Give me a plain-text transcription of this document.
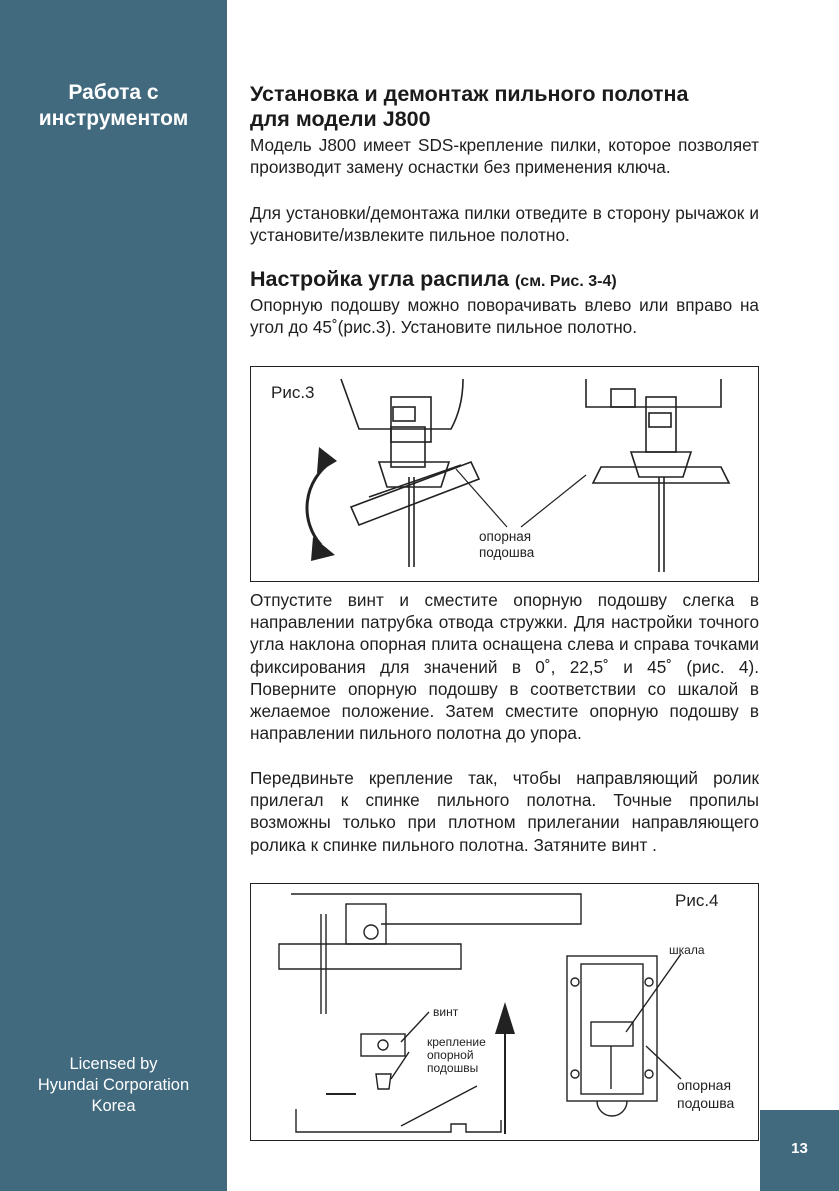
Работа с
инструментом
Licensed by
Hyundai Corporation
Korea
13
Установка и демонтаж пильного полотна
для модели J800
Модель J800 имеет SDS-крепление пилки, которое позволяет производит замену оснастки без применения ключа.
Для установки/демонтажа пилки отведите в сторону рычажок и установите/извлеките пильное полотно.
Настройка угла распила (см. Рис. 3-4)
Опорную подошву можно поворачивать влево или вправо на угол до 45˚(рис.3). Установите пильное полотно.
Рис.3
опорная
подошва
Отпустите винт и сместите опорную подошву слегка в направлении патрубка отвода стружки. Для настройки точного угла наклона опорная плита оснащена слева и справа точками фиксирования для значений в 0˚, 22,5˚ и 45˚ (рис. 4). Поверните опорную подошву в соответствии со шкалой в желаемое положение. Затем сместите опорную подошву в направлении пильного полотна до упора.
Передвиньте крепление так, чтобы направляющий ролик прилегал к спинке пильного полотна. Точные пропилы возможны только при плотном прилегании направляющего ролика к спинке пильного полотна. Затяните винт .
Рис.4
винт
крепление
опорной
подошвы
шкала
опорная
подошва
